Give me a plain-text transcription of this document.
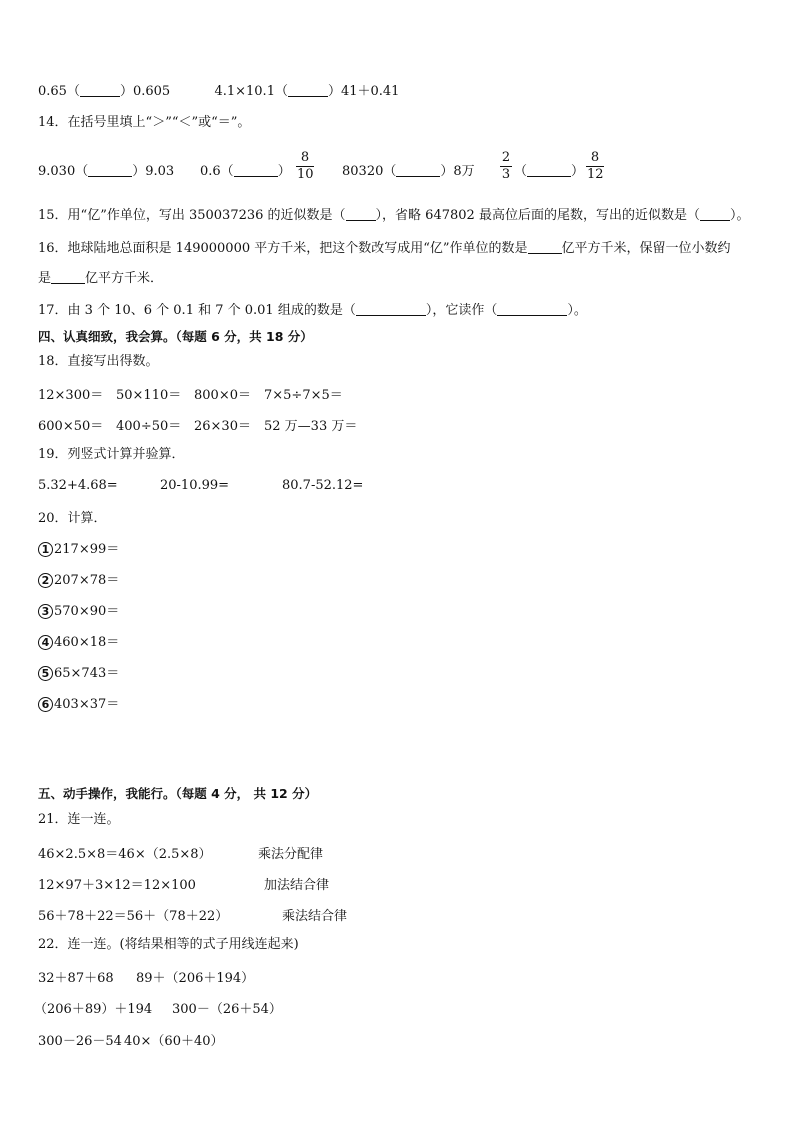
0.65（	）0.605	4.1×10.1（	）41＋0.41
14．在括号里填上“＞”“＜”或“＝”。
9.030（	）9.03 0.6（	）
8
10 80320（	）8万
2
3 （	）
8
12
15．用“亿”作单位，写出 350037236 的近似数是（ ），省略 647802 最高位后面的尾数，写出的近似数是（ ）。
16．地球陆地总面积是 149000000 平方千米，把这个数改写成用“亿”作单位的数是	亿平方千米，保留一位小数约
是	亿平方千米．
17．由 3 个 10、6 个 0.1 和 7 个 0.01 组成的数是（	），它读作（	）。
四、认真细致，我会算。（每题 6 分，共 18 分）
18．直接写出得数。
12×300＝ 50×110＝ 800×0＝ 7×5÷7×5＝
600×50＝ 400÷50＝ 26×30＝ 52 万—33 万＝
19．列竖式计算并验算．
5.32+4.68=	20-10.99=	80.7-52.12=
20．计算．
1 217×99＝
2 207×78＝
3 570×90＝
4 460×18＝
5 65×743＝
6 403×37＝
五、动手操作，我能行。（每题 4 分， 共 12 分）
21．连一连。
46×2.5×8＝46×（2.5×8）	乘法分配律
12×97＋3×12＝12×100	加法结合律
56＋78＋22＝56＋（78＋22）	乘法结合律
22．连一连。(将结果相等的式子用线连起来)
32＋87＋68 89＋（206＋194）
（206＋89）＋194 300－（26＋54）
300－26－54 40×（60＋40）
